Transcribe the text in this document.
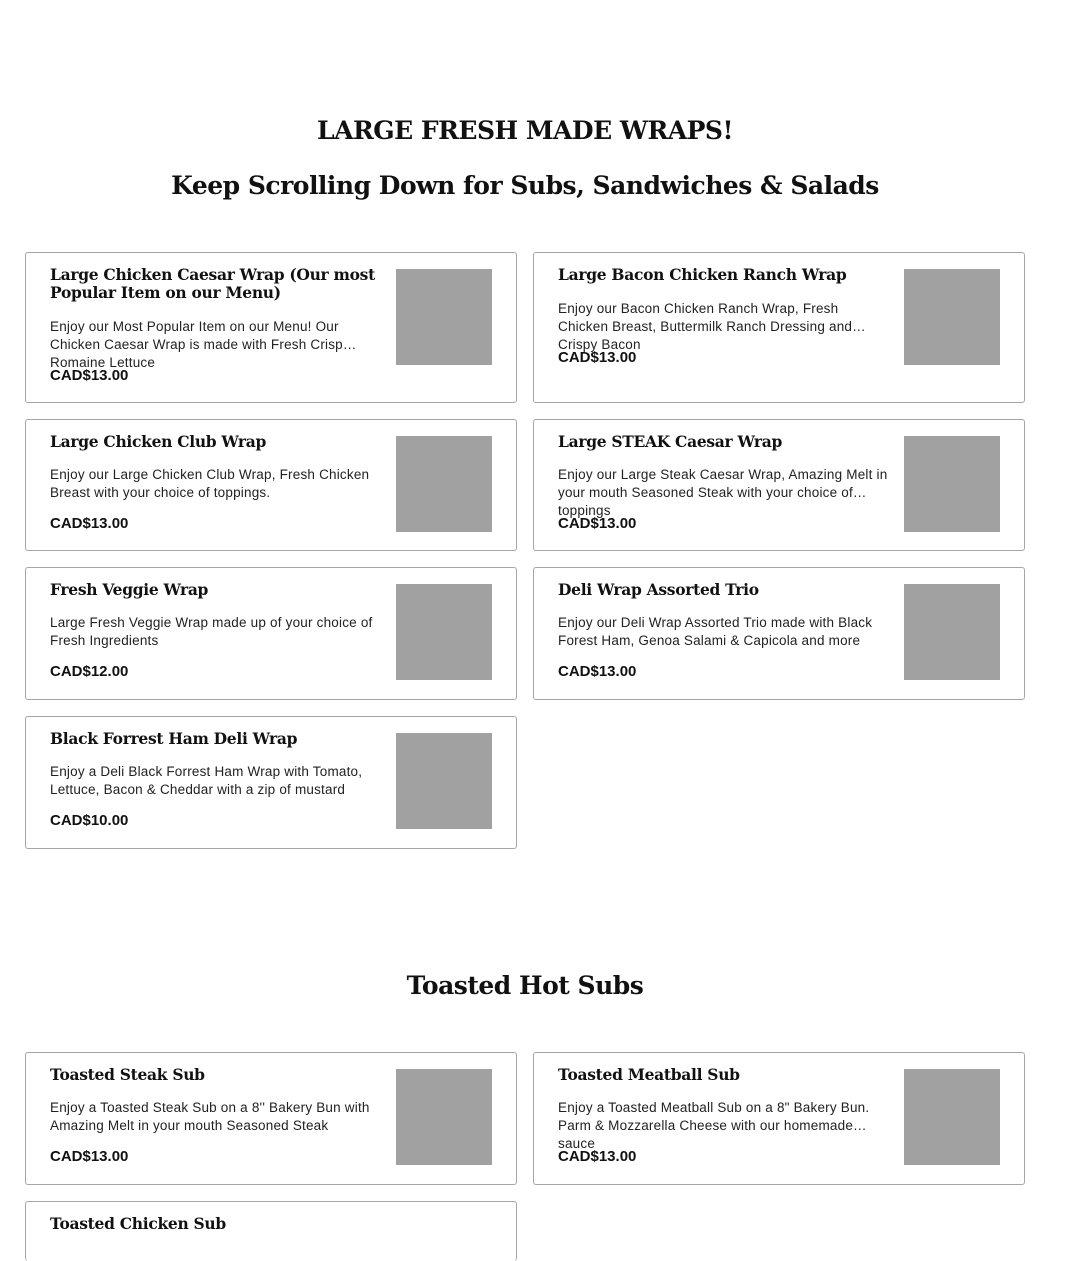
LARGE FRESH MADE WRAPS!
Keep Scrolling Down for Subs, Sandwiches & Salads
Large Chicken Caesar Wrap (Our most Popular Item on our Menu)
Enjoy our Most Popular Item on our Menu! Our Chicken Caesar Wrap is made with Fresh Crisp Romaine Lettuce
CAD$13.00
Large Bacon Chicken Ranch Wrap
Enjoy our Bacon Chicken Ranch Wrap, Fresh Chicken Breast, Buttermilk Ranch Dressing and Crispy Bacon
CAD$13.00
Large Chicken Club Wrap
Enjoy our Large Chicken Club Wrap, Fresh Chicken Breast with your choice of toppings.
CAD$13.00
Large STEAK Caesar Wrap
Enjoy our Large Steak Caesar Wrap, Amazing Melt in your mouth Seasoned Steak with your choice of toppings
CAD$13.00
Fresh Veggie Wrap
Large Fresh Veggie Wrap made up of your choice of Fresh Ingredients
CAD$12.00
Deli Wrap Assorted Trio
Enjoy our Deli Wrap Assorted Trio made with Black Forest Ham, Genoa Salami & Capicola and more
CAD$13.00
Black Forrest Ham Deli Wrap
Enjoy a Deli Black Forrest Ham Wrap with Tomato, Lettuce, Bacon & Cheddar with a zip of mustard
CAD$10.00
Toasted Hot Subs
Toasted Steak Sub
Enjoy a Toasted Steak Sub on a 8'' Bakery Bun with Amazing Melt in your mouth Seasoned Steak
CAD$13.00
Toasted Meatball Sub
Enjoy a Toasted Meatball Sub on a 8" Bakery Bun. Parm & Mozzarella Cheese with our homemade sauce
CAD$13.00
Toasted Chicken Sub
